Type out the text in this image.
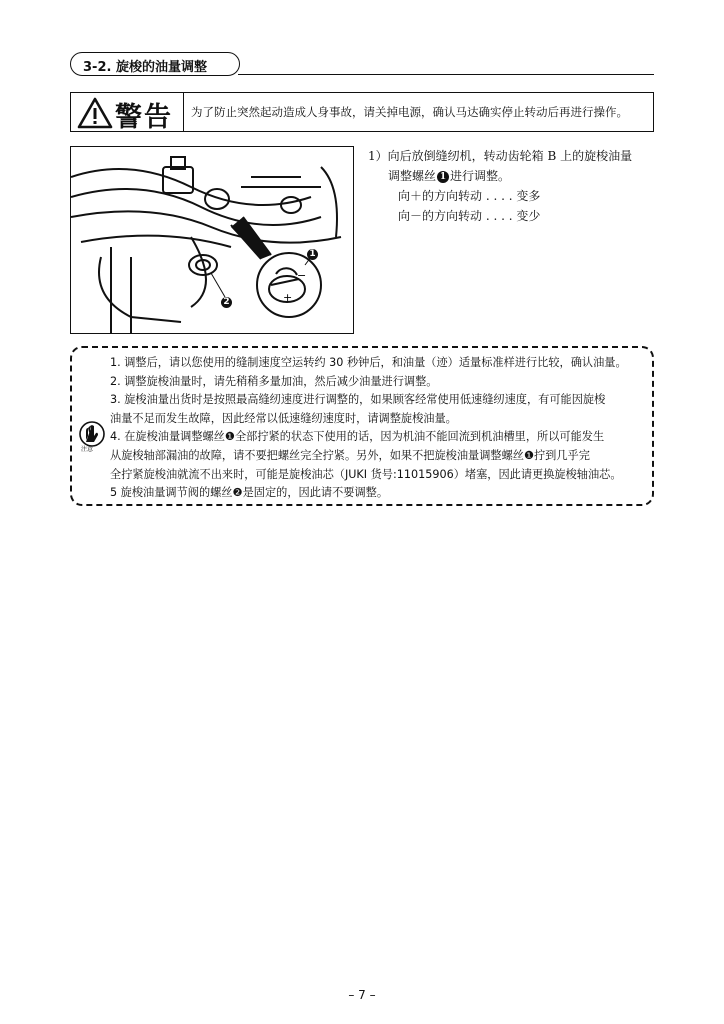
3-2. 旋梭的油量调整
警告 为了防止突然起动造成人身事故，请关掉电源，确认马达确实停止转动后再进行操作。
−
+
1
2
1）向后放倒缝纫机，转动齿轮箱 B 上的旋梭油量
调整螺丝 1 进行调整。
向＋的方向转动 . . . . 变多
向－的方向转动 . . . . 变少
注意
1. 调整后，请以您使用的缝制速度空运转约 30 秒钟后，和油量（迹）适量标准样进行比较，确认油量。
2. 调整旋梭油量时，请先稍稍多量加油，然后减少油量进行调整。
3. 旋梭油量出货时是按照最高缝纫速度进行调整的，如果顾客经常使用低速缝纫速度，有可能因旋梭
油量不足而发生故障，因此经常以低速缝纫速度时，请调整旋梭油量。
4. 在旋梭油量调整螺丝❶全部拧紧的状态下使用的话，因为机油不能回流到机油槽里，所以可能发生
从旋梭轴部漏油的故障，请不要把螺丝完全拧紧。另外，如果不把旋梭油量调整螺丝❶拧到几乎完
全拧紧旋梭油就流不出来时，可能是旋梭油芯（JUKI 货号:11015906）堵塞，因此请更换旋梭轴油芯。
5 旋梭油量调节阀的螺丝❷是固定的，因此请不要调整。
– 7 –
